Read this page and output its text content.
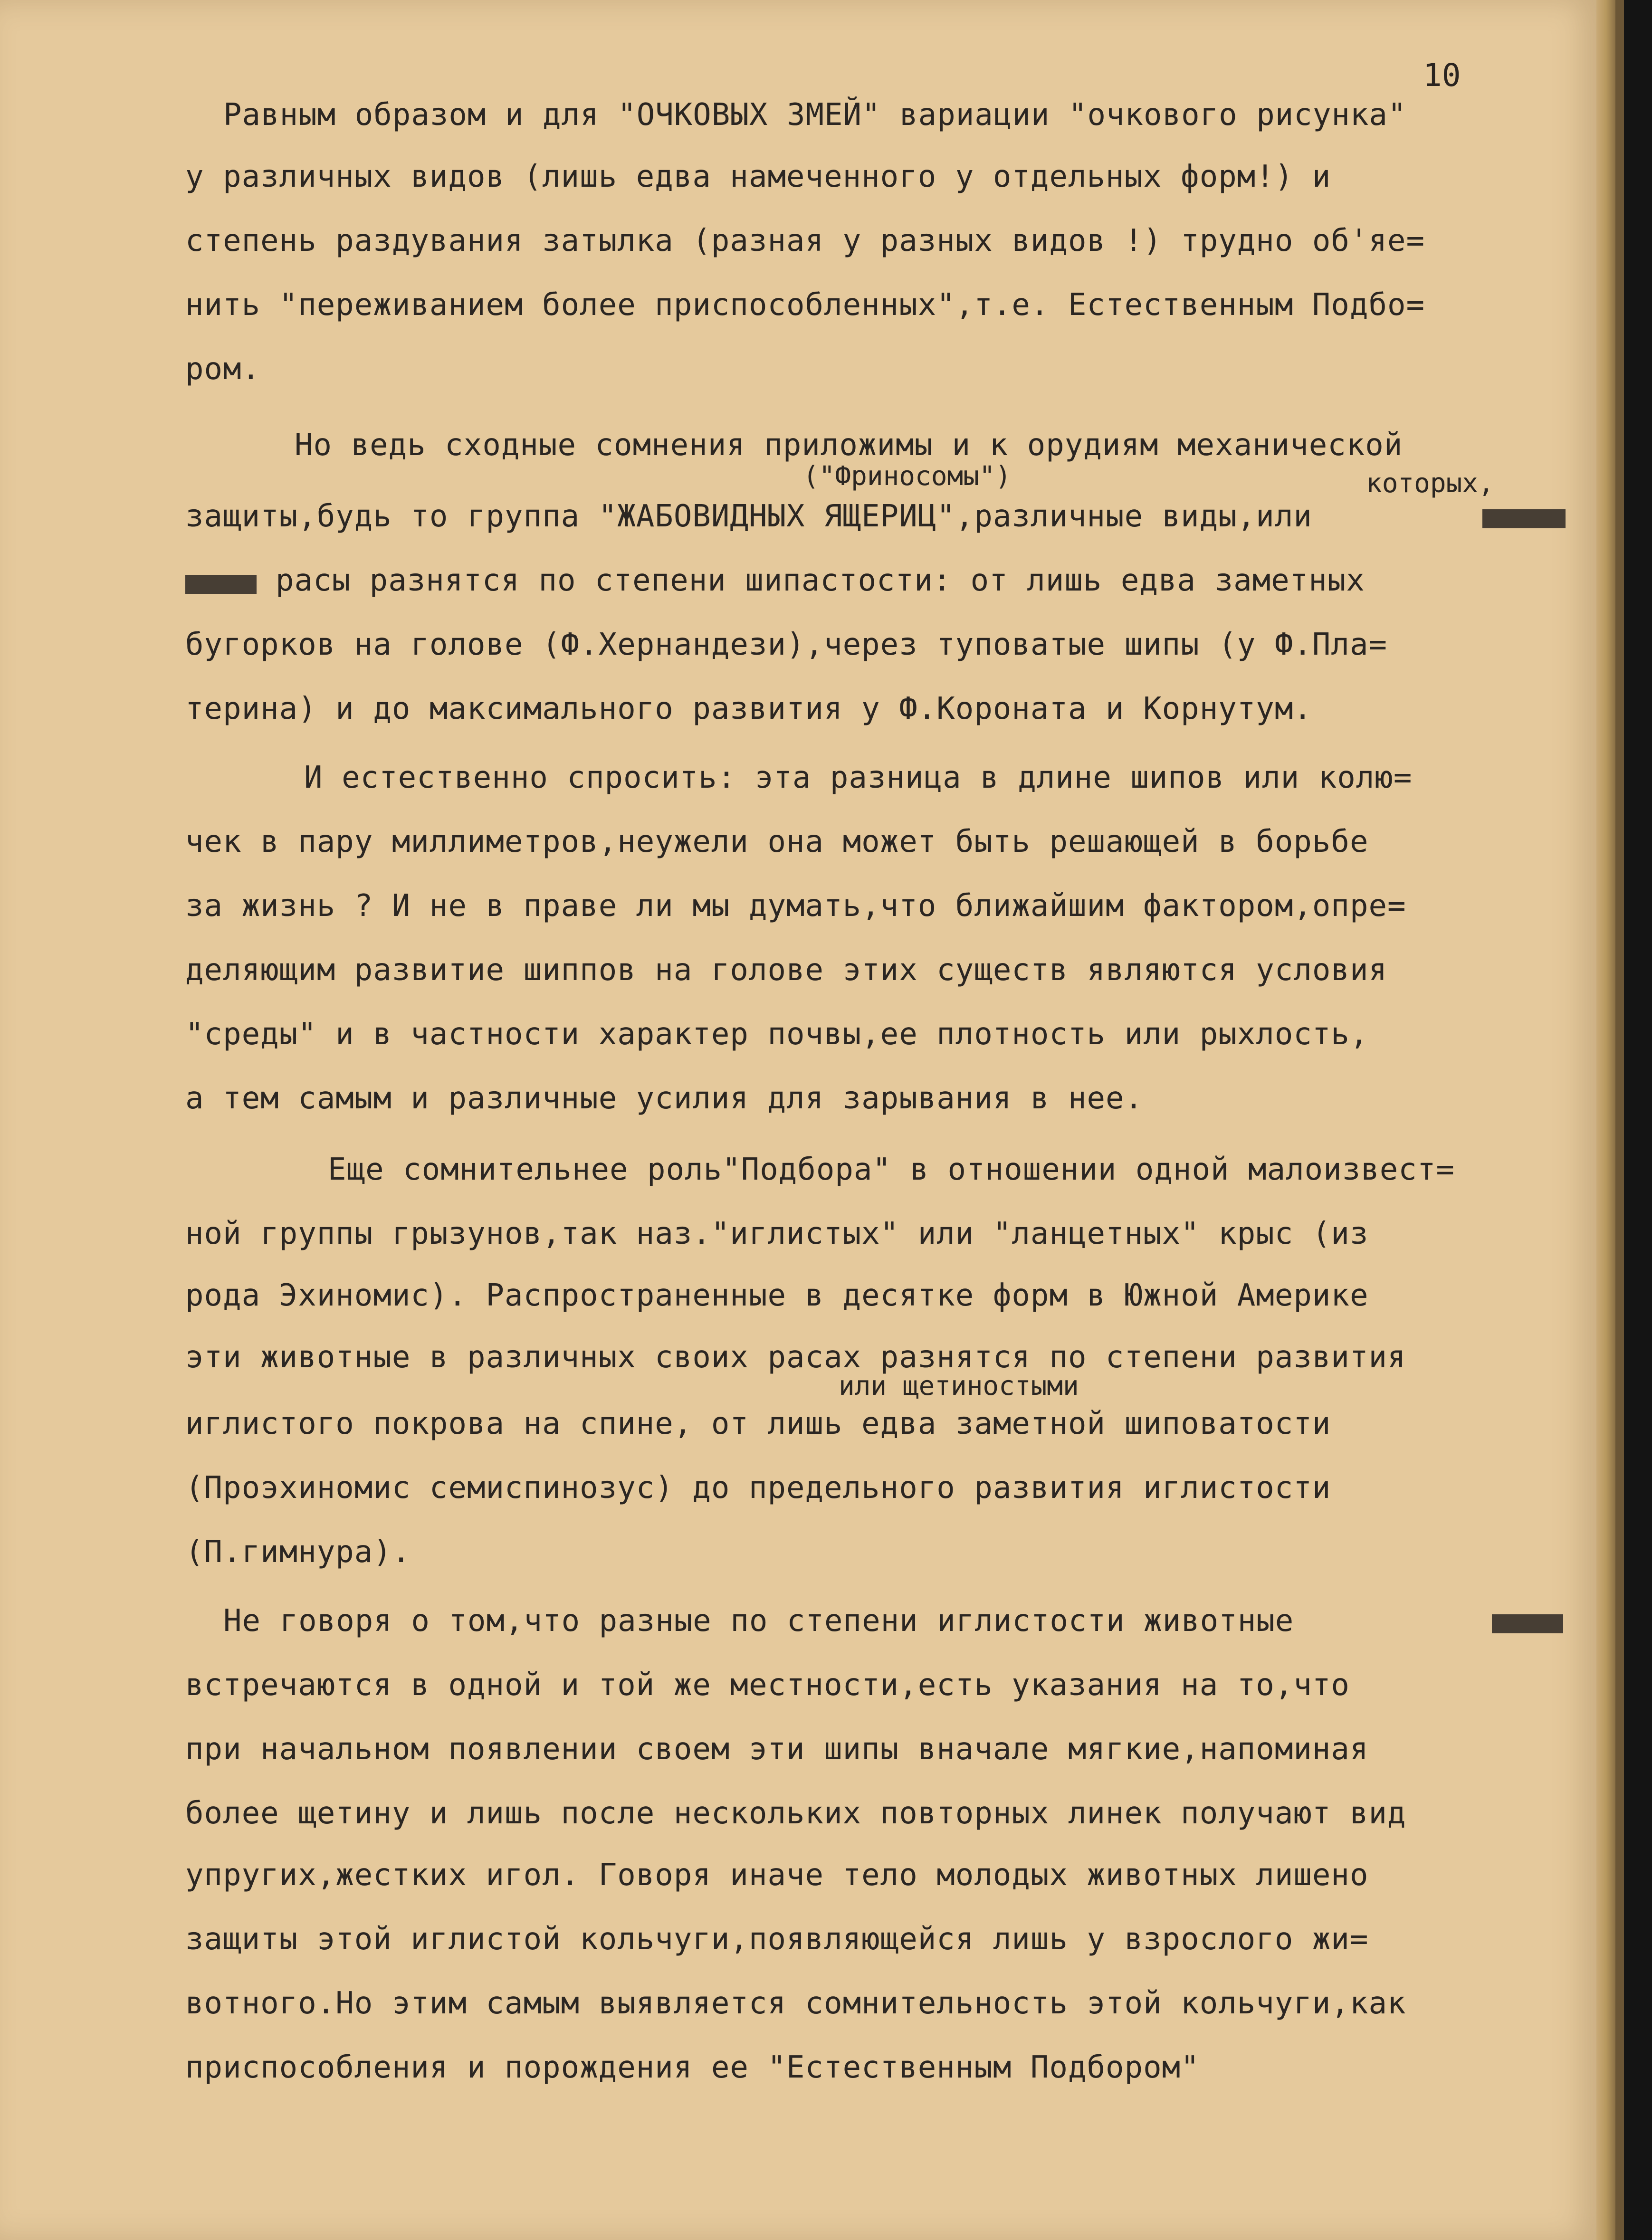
10
Равным образом и для "ОЧКОВЫХ ЗМЕЙ" вариации "очкового рисунка"
у различных видов (лишь едва намеченного у отдельных форм!) и
степень раздувания затылка (разная у разных видов !) трудно об'яе=
нить "переживанием более приспособленных",т.е. Естественным Подбо=
ром.
Но ведь сходные сомнения приложимы и к орудиям механической
("Фриносомы")	которых,
защиты,будь то группа "ЖАБОВИДНЫХ ЯЩЕРИЦ",различные виды,или
расы разнятся по степени шипастости: от лишь едва заметных
бугорков на голове (Ф.Хернандези),через туповатые шипы (у Ф.Пла=
терина) и до максимального развития у Ф.Короната и Корнутум.
И естественно спросить: эта разница в длине шипов или колю=
чек в пару миллиметров,неужели она может быть решающей в борьбе
за жизнь ? И не в праве ли мы думать,что ближайшим фактором,опре=
деляющим развитие шиппов на голове этих существ являются условия
"среды" и в частности характер почвы,ее плотность или рыхлость,
а тем самым и различные усилия для зарывания в нее.
Еще сомнительнее роль"Подбора" в отношении одной малоизвест=
ной группы грызунов,так наз."иглистых" или "ланцетных" крыс (из
рода Эхиномис). Распространенные в десятке форм в Южной Америке
эти животные в различных своих расах разнятся по степени развития
или щетиностыми
иглистого покрова на спине, от лишь едва заметной шиповатости
(Проэхиномис семиспинозус) до предельного развития иглистости
(П.гимнура).
Не говоря о том,что разные по степени иглистости животные
встречаются в одной и той же местности,есть указания на то,что
при начальном появлении своем эти шипы вначале мягкие,напоминая
более щетину и лишь после нескольких повторных линек получают вид
упругих,жестких игол. Говоря иначе тело молодых животных лишено
защиты этой иглистой кольчуги,появляющейся лишь у взрослого жи=
вотного.Но этим самым выявляется сомнительность этой кольчуги,как
приспособления и порождения ее "Естественным Подбором"
